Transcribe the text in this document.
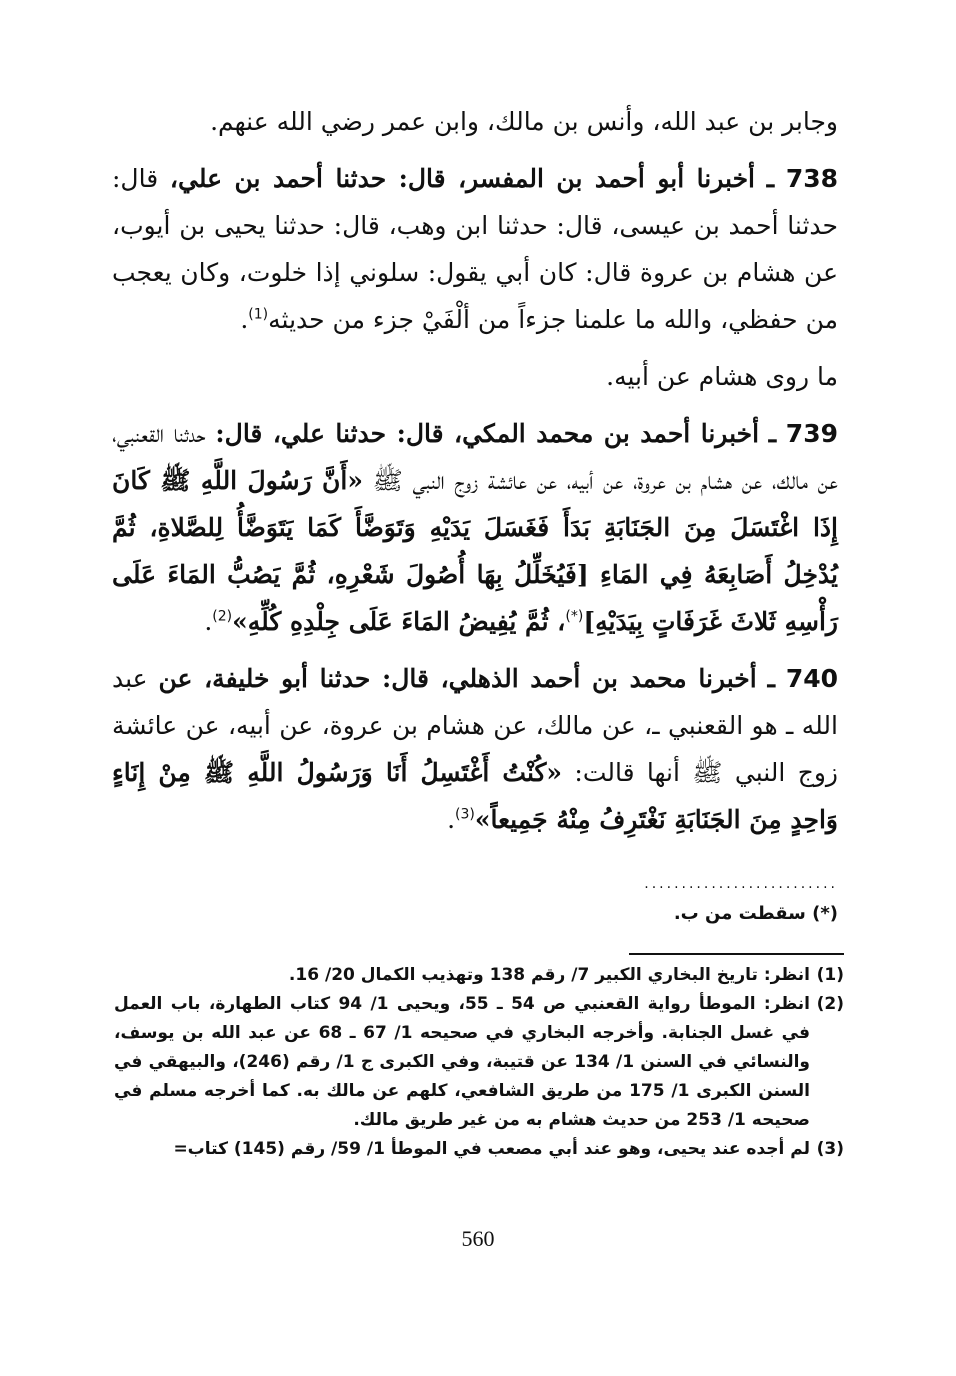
وجابر بن عبد الله، وأنس بن مالك، وابن عمر رضي الله عنهم.

738 ـ أخبرنا أبو أحمد بن المفسر، قال: حدثنا أحمد بن علي، قال: حدثنا أحمد بن عيسى، قال: حدثنا ابن وهب، قال: حدثنا يحيى بن أيوب، عن هشام بن عروة قال: كان أبي يقول: سلوني إذا خلوت، وكان يعجب من حفظي، والله ما علمنا جزءاً من ألْفَيْ جزء من حديثه$^{(1)}$.

ما روى هشام عن أبيه.

739 ـ أخبرنا أحمد بن محمد المكي، قال: حدثنا علي، قال: حدثنا القعنبي، عن مالك، عن هشام بن عروة، عن أبيه، عن عائشة زوج النبي ﷺ «أَنَّ رَسُولَ اللَّهِ ﷺ كَانَ إِذَا اغْتَسَلَ مِنَ الجَنَابَةِ بَدَأَ فَغَسَلَ يَدَيْهِ وَتَوَضَّأَ كَمَا يَتَوَضَّأُ لِلصَّلاةِ، ثُمَّ يُدْخِلُ أَصَابِعَهُ فِي المَاءِ [فَيُخَلِّلُ بِهَا أُصُولَ شَعْرِهِ، ثُمَّ يَصُبُّ المَاءَ عَلَى رَأْسِهِ ثَلاثَ غَرَفَاتٍ بِيَدَيْهِ](*)، ثُمَّ يُفِيضُ المَاءَ عَلَى جِلْدِهِ كُلِّهِ»$^{(2)}$.

740 ـ أخبرنا محمد بن أحمد الذهلي، قال: حدثنا أبو خليفة، عن عبد الله ـ هو القعنبي ـ، عن مالك، عن هشام بن عروة، عن أبيه، عن عائشة زوج النبي ﷺ أنها قالت: «كُنْتُ أَغْتَسِلُ أَنَا وَرَسُولُ اللَّهِ ﷺ مِنْ إِنَاءٍ وَاحِدٍ مِنَ الجَنَابَةِ نَغْتَرِفُ مِنْهُ جَمِيعاً»$^{(3)}$.

..........................
(*) سقطت من ب.
(1)
انظر: تاريخ البخاري الكبير 7/ رقم 138 وتهذيب الكمال 20/ 16.
(2)
انظر: الموطأ رواية القعنبي ص 54 ـ 55، ويحيى 1/ 94 كتاب الطهارة، باب العمل في غسل الجنابة. وأخرجه البخاري في صحيحه 1/ 67 ـ 68 عن عبد الله بن يوسف، والنسائي في السنن 1/ 134 عن قتيبة، وفي الكبرى ج 1/ رقم (246)، والبيهقي في السنن الكبرى 1/ 175 من طريق الشافعي، كلهم عن مالك به. كما أخرجه مسلم في صحيحه 1/ 253 من حديث هشام به من غير طريق مالك.
(3)
لم أجده عند يحيى، وهو عند أبي مصعب في الموطأ 1/ 59/ رقم (145) كتاب=
560
